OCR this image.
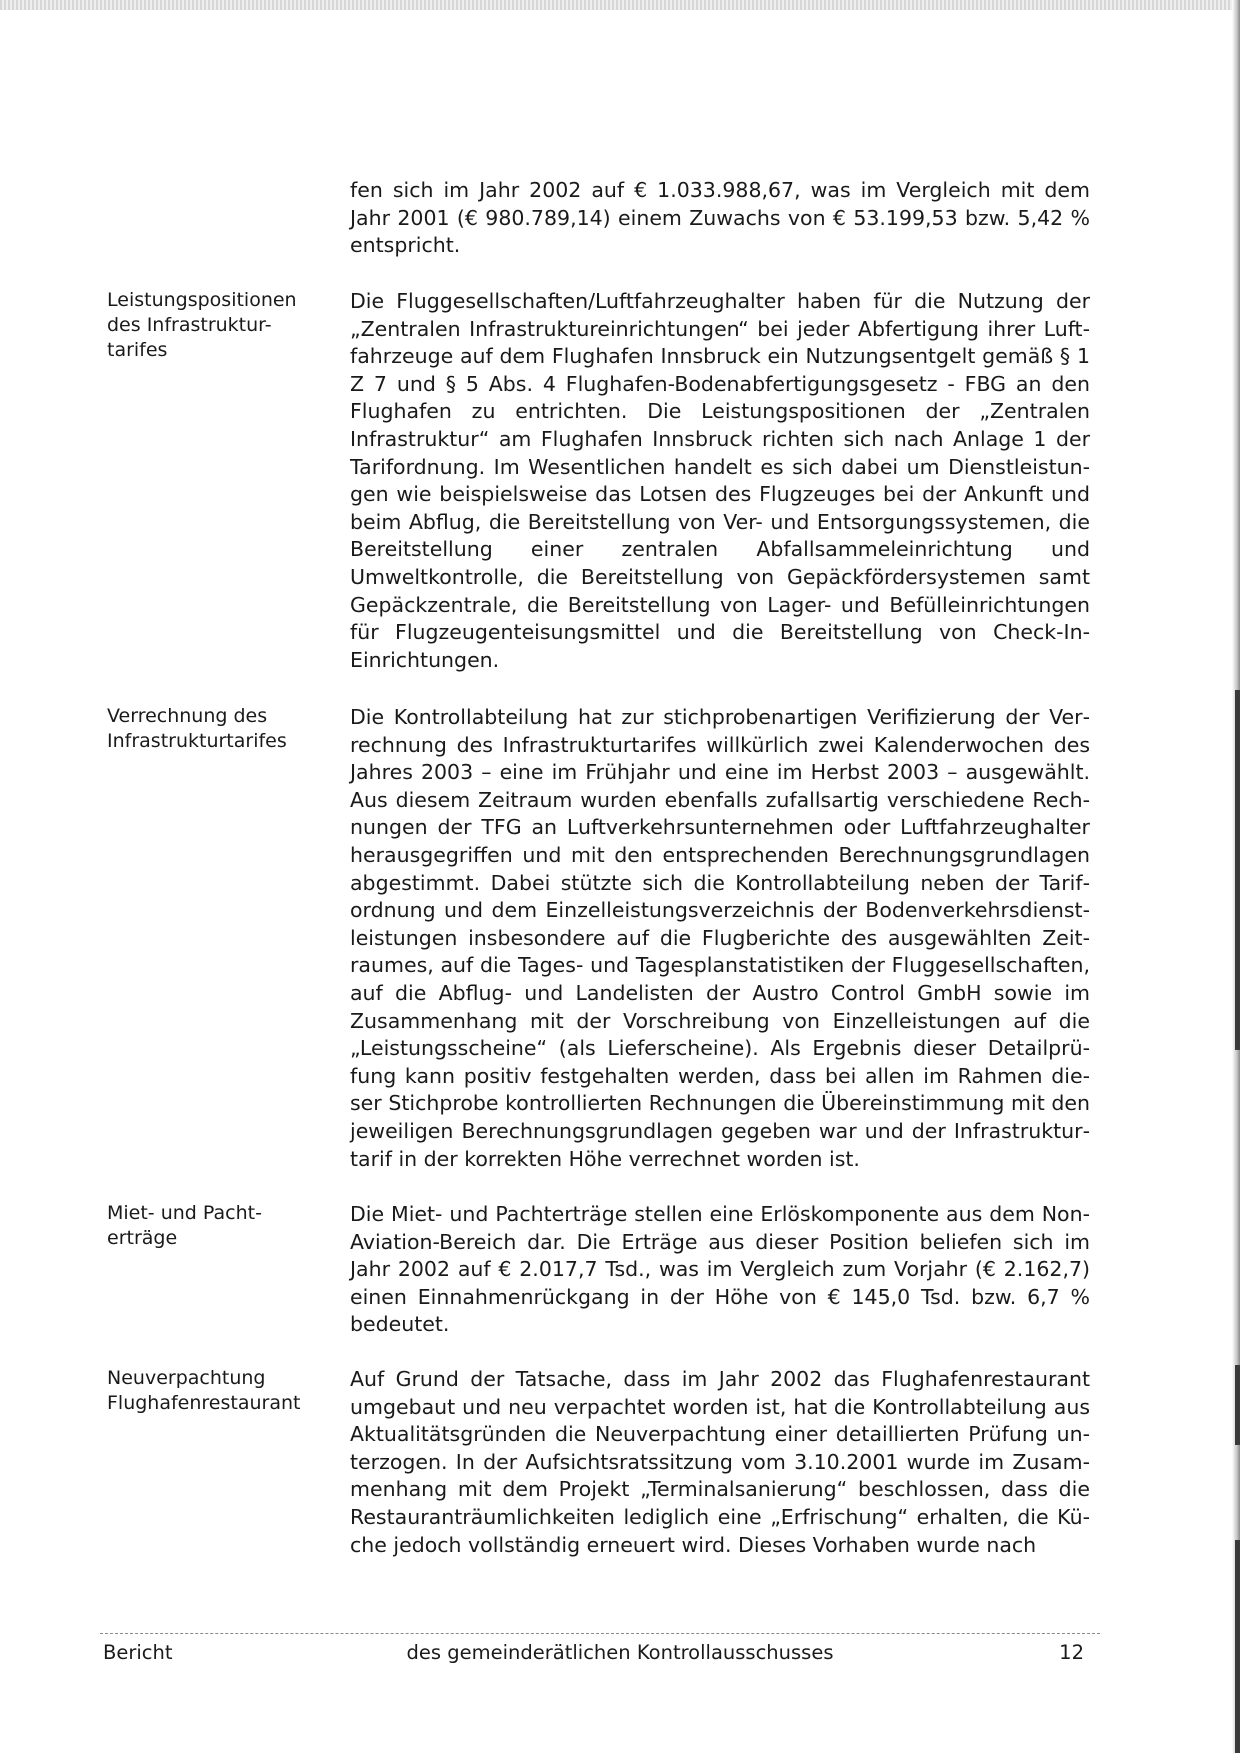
fen sich im Jahr 2002 auf € 1.033.988,67, was im Vergleich mit dem Jahr 2001 (€ 980.789,14) einem Zuwachs von € 53.199,53 bzw. 5,42 % entspricht.
Leistungspositionen
des Infrastruktur-
tarifes
Die Fluggesellschaften/Luftfahrzeughalter haben für die Nutzung der „Zentralen Infrastruktureinrichtungen“ bei jeder Abfertigung ihrer Luftfahrzeuge auf dem Flughafen Innsbruck ein Nutzungsentgelt gemäß § 1 Z 7 und § 5 Abs. 4 Flughafen-Bodenabfertigungsgesetz - FBG an den Flughafen zu entrichten. Die Leistungspositionen der „Zentralen Infrastruktur“ am Flughafen Innsbruck richten sich nach Anlage 1 der Tarifordnung. Im Wesentlichen handelt es sich dabei um Dienstleistungen wie beispielsweise das Lotsen des Flugzeuges bei der Ankunft und beim Abflug, die Bereitstellung von Ver- und Entsorgungssystemen, die Bereitstellung einer zentralen Abfallsammeleinrichtung und Umweltkontrolle, die Bereitstellung von Gepäckfördersystemen samt Gepäckzentrale, die Bereitstellung von Lager- und Befülleinrichtungen für Flugzeugenteisungsmittel und die Bereitstellung von Check-In-Einrichtungen.
Verrechnung des
Infrastrukturtarifes
Die Kontrollabteilung hat zur stichprobenartigen Verifizierung der Verrechnung des Infrastrukturtarifes willkürlich zwei Kalenderwochen des Jahres 2003 – eine im Frühjahr und eine im Herbst 2003 – ausgewählt. Aus diesem Zeitraum wurden ebenfalls zufallsartig verschiedene Rechnungen der TFG an Luftverkehrsunternehmen oder Luftfahrzeughalter herausgegriffen und mit den entsprechenden Berechnungsgrundlagen abgestimmt. Dabei stützte sich die Kontrollabteilung neben der Tarifordnung und dem Einzelleistungsverzeichnis der Bodenverkehrsdienstleistungen insbesondere auf die Flugberichte des ausgewählten Zeitraumes, auf die Tages- und Tagesplanstatistiken der Fluggesellschaften, auf die Abflug- und Landelisten der Austro Control GmbH sowie im Zusammenhang mit der Vorschreibung von Einzelleistungen auf die „Leistungsscheine“ (als Lieferscheine). Als Ergebnis dieser Detailprüfung kann positiv festgehalten werden, dass bei allen im Rahmen dieser Stichprobe kontrollierten Rechnungen die Übereinstimmung mit den jeweiligen Berechnungsgrundlagen gegeben war und der Infrastrukturtarif in der korrekten Höhe verrechnet worden ist.
Miet- und Pacht-
erträge
Die Miet- und Pachterträge stellen eine Erlöskomponente aus dem Non-Aviation-Bereich dar. Die Erträge aus dieser Position beliefen sich im Jahr 2002 auf € 2.017,7 Tsd., was im Vergleich zum Vorjahr (€ 2.162,7) einen Einnahmenrückgang in der Höhe von € 145,0 Tsd. bzw. 6,7 % bedeutet.
Neuverpachtung
Flughafenrestaurant
Auf Grund der Tatsache, dass im Jahr 2002 das Flughafenrestaurant umgebaut und neu verpachtet worden ist, hat die Kontrollabteilung aus Aktualitätsgründen die Neuverpachtung einer detaillierten Prüfung unterzogen. In der Aufsichtsratssitzung vom 3.10.2001 wurde im Zusammenhang mit dem Projekt „Terminalsanierung“ beschlossen, dass die Restauranträumlichkeiten lediglich eine „Erfrischung“ erhalten, die Küche jedoch vollständig erneuert wird. Dieses Vorhaben wurde nach
Bericht	des gemeinderätlichen Kontrollausschusses	12
